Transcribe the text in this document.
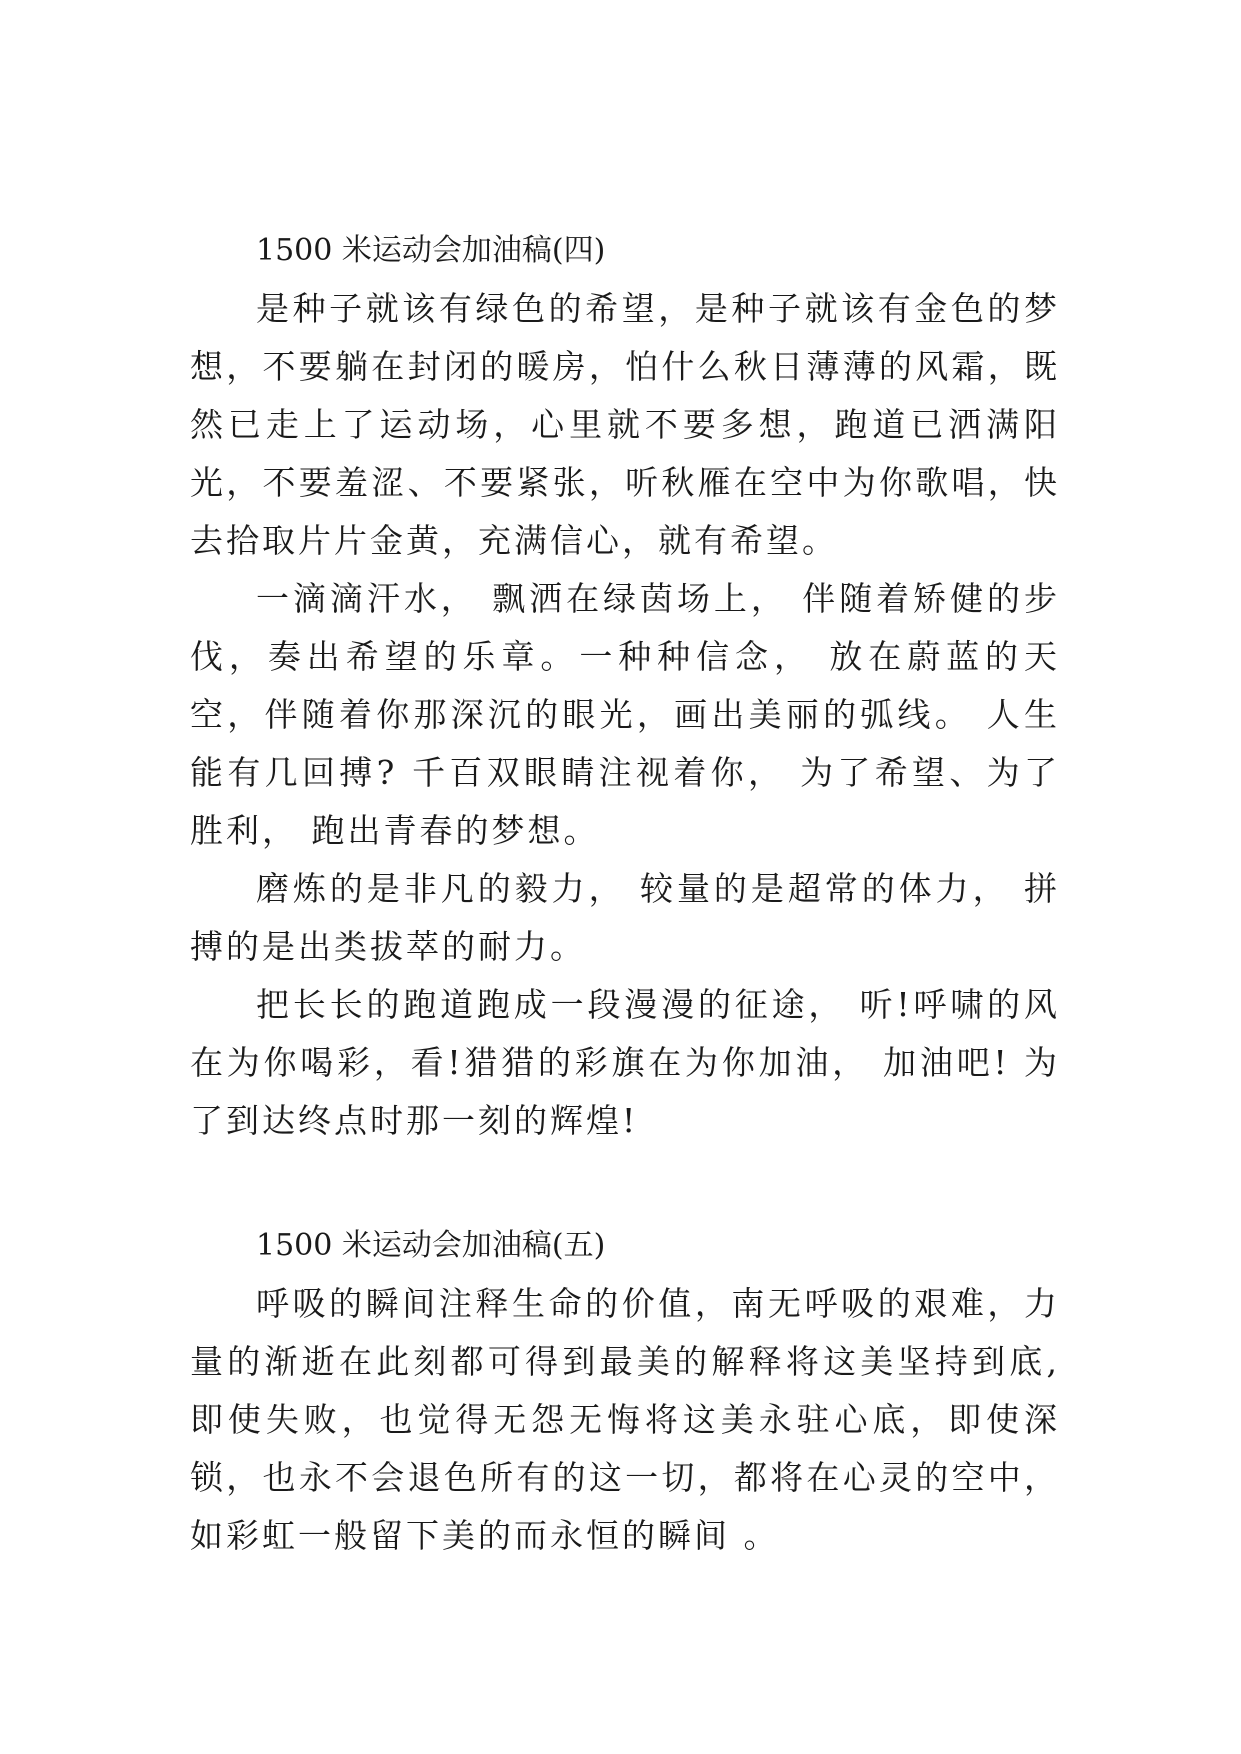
1500 米运动会加油稿(四)

是种子就该有绿色的希望，是种子就该有金色的梦想，不要躺在封闭的暖房，怕什么秋日薄薄的风霜，既然已走上了运动场，心里就不要多想，跑道已洒满阳光，不要羞涩、不要紧张，听秋雁在空中为你歌唱，快去拾取片片金黄，充满信心，就有希望。

一滴滴汗水， 飘洒在绿茵场上， 伴随着矫健的步伐，奏出希望的乐章。一种种信念， 放在蔚蓝的天空，伴随着你那深沉的眼光，画出美丽的弧线。 人生能有几回搏? 千百双眼睛注视着你， 为了希望、为了胜利， 跑出青春的梦想。

磨炼的是非凡的毅力， 较量的是超常的体力， 拼搏的是出类拔萃的耐力。

把长长的跑道跑成一段漫漫的征途， 听!呼啸的风在为你喝彩，看!猎猎的彩旗在为你加油， 加油吧! 为了到达终点时那一刻的辉煌!

1500 米运动会加油稿(五)

呼吸的瞬间注释生命的价值，南无呼吸的艰难，力量的渐逝在此刻都可得到最美的解释将这美坚持到底,即使失败，也觉得无怨无悔将这美永驻心底，即使深锁，也永不会退色所有的这一切，都将在心灵的空中，如彩虹一般留下美的而永恒的瞬间 。
